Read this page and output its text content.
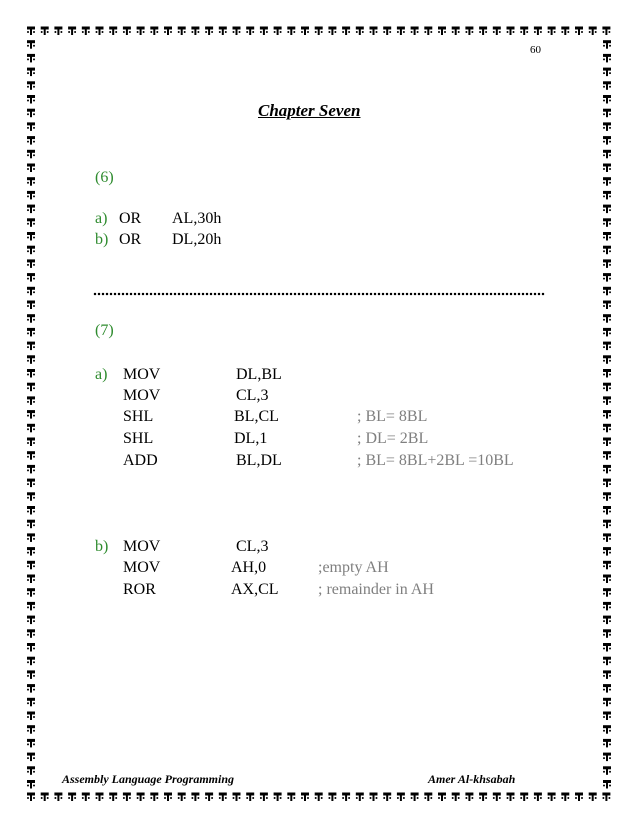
60
Chapter Seven
(6)
a) OR AL,30h
b) OR DL,20h
(7)
a) MOV	DL,BL
MOV	CL,3
SHL	BL,CL	; BL= 8BL
SHL	DL,1	; DL= 2BL
ADD	BL,DL	; BL= 8BL+2BL =10BL
b) MOV	CL,3
MOV	AH,0	;empty AH
ROR	AX,CL ; remainder in AH
Assembly Language Programming	Amer Al-khsabah
